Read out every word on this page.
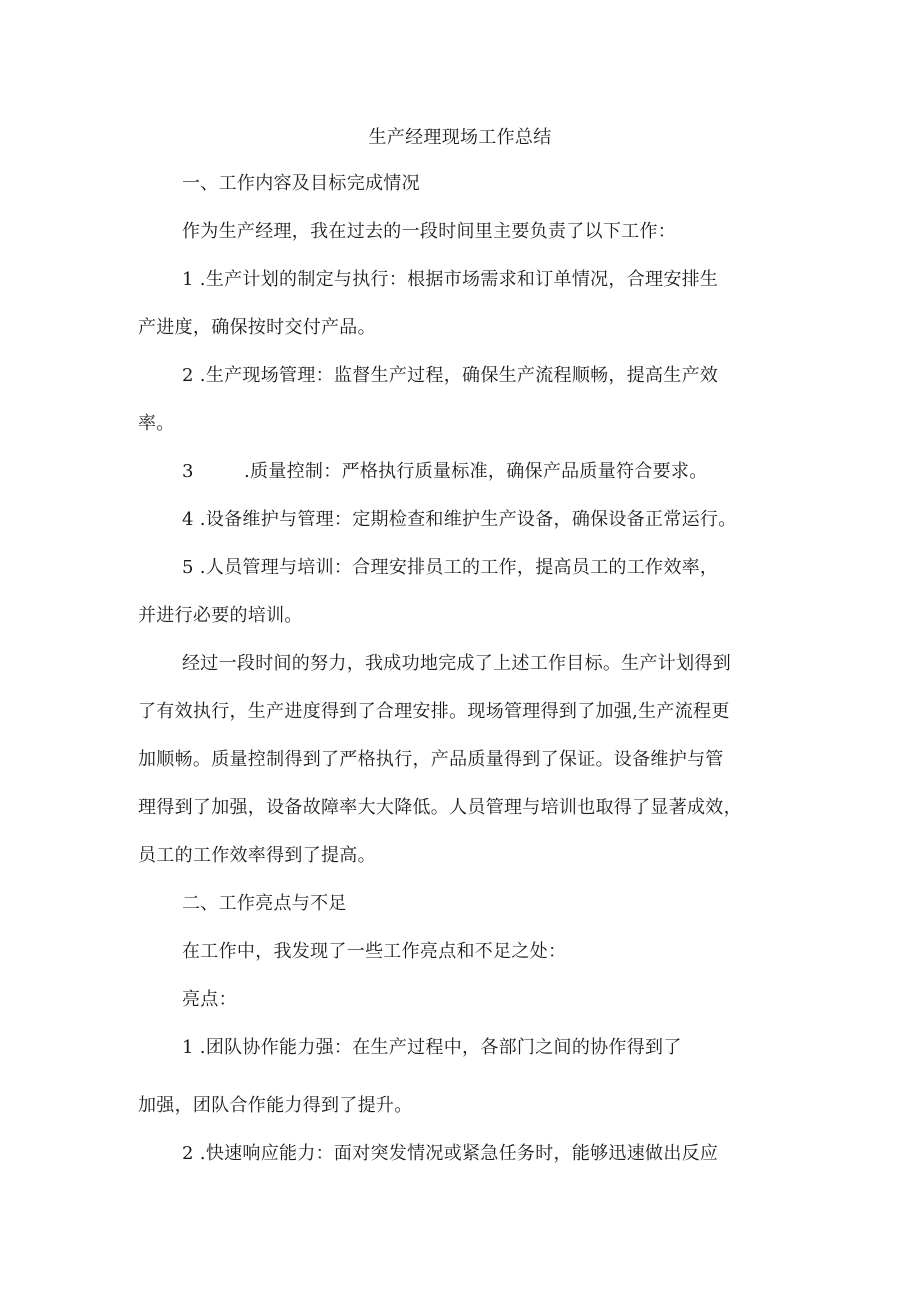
生产经理现场工作总结
一、工作内容及目标完成情况
作为生产经理，我在过去的一段时间里主要负责了以下工作：
1 .生产计划的制定与执行：根据市场需求和订单情况，合理安排生
产进度，确保按时交付产品。
2 .生产现场管理：监督生产过程，确保生产流程顺畅，提高生产效
率。
3	.质量控制：严格执行质量标准，确保产品质量符合要求。
4 .设备维护与管理：定期检查和维护生产设备，确保设备正常运行。
5 .人员管理与培训：合理安排员工的工作，提高员工的工作效率，
并进行必要的培训。
经过一段时间的努力，我成功地完成了上述工作目标。生产计划得到
了有效执行，生产进度得到了合理安排。现场管理得到了加强,生产流程更
加顺畅。质量控制得到了严格执行，产品质量得到了保证。设备维护与管
理得到了加强，设备故障率大大降低。人员管理与培训也取得了显著成效，
员工的工作效率得到了提高。
二、工作亮点与不足
在工作中，我发现了一些工作亮点和不足之处：
亮点：
1 .团队协作能力强：在生产过程中，各部门之间的协作得到了
加强，团队合作能力得到了提升。
2 .快速响应能力：面对突发情况或紧急任务时，能够迅速做出反应
